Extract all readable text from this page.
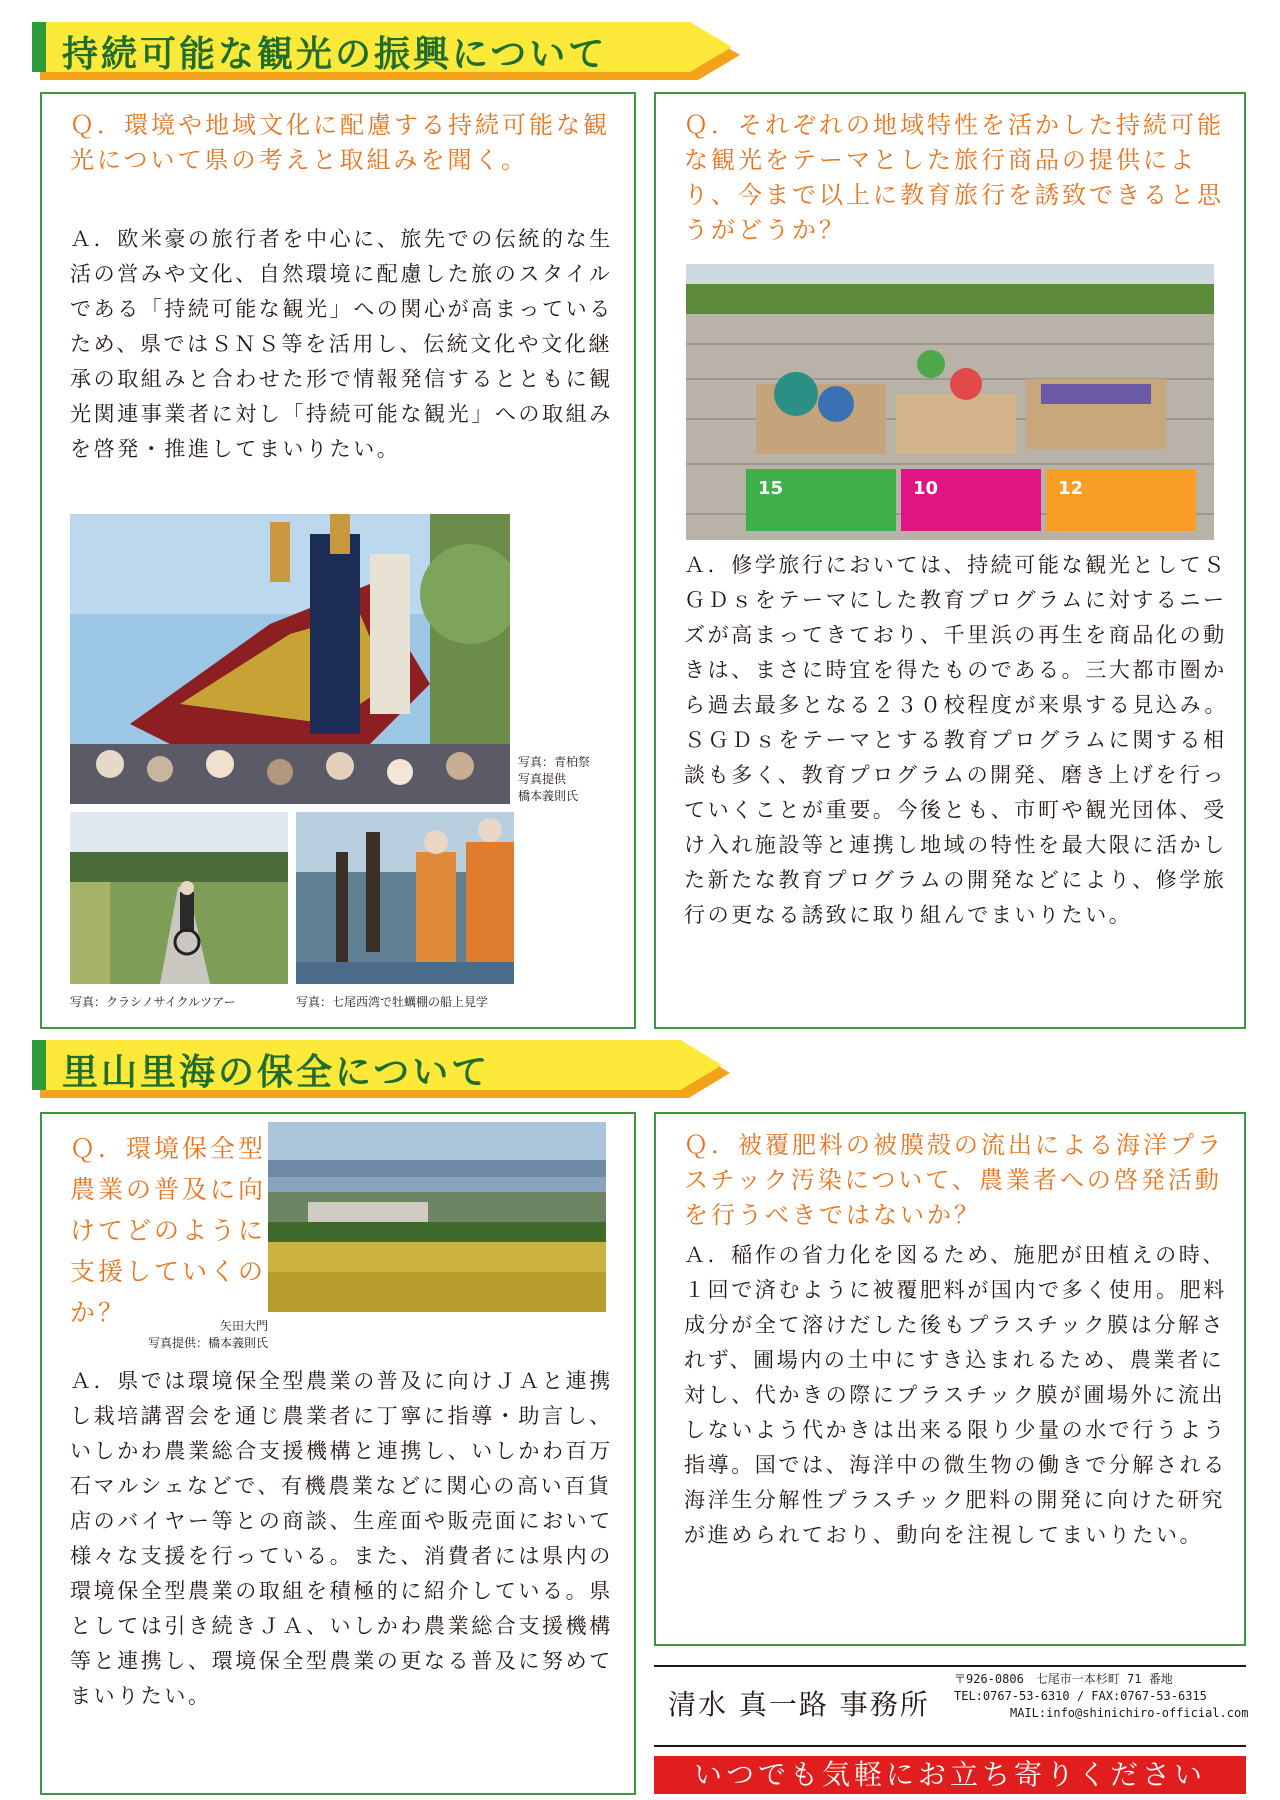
持続可能な観光の振興について
Ｑ．環境や地域文化に配慮する持続可能な観光について県の考えと取組みを聞く。
Ａ．欧米豪の旅行者を中心に、旅先での伝統的な生活の営みや文化、自然環境に配慮した旅のスタイルである「持続可能な観光」への関心が高まっているため、県ではＳＮＳ等を活用し、伝統文化や文化継承の取組みと合わせた形で情報発信するとともに観光関連事業者に対し「持続可能な観光」への取組みを啓発・推進してまいりたい。
写真：青柏祭
写真提供
橋本義則氏
写真：クラシノサイクルツアー	写真：七尾西湾で牡蠣棚の船上見学
Ｑ．それぞれの地域特性を活かした持続可能な観光をテーマとした旅行商品の提供により、今まで以上に教育旅行を誘致できると思うがどうか？
15	10	12
Ａ．修学旅行においては、持続可能な観光としてＳＧＤｓをテーマにした教育プログラムに対するニーズが高まってきており、千里浜の再生を商品化の動きは、まさに時宜を得たものである。三大都市圏から過去最多となる２３０校程度が来県する見込み。ＳＧＤｓをテーマとする教育プログラムに関する相談も多く、教育プログラムの開発、磨き上げを行っていくことが重要。今後とも、市町や観光団体、受け入れ施設等と連携し地域の特性を最大限に活かした新たな教育プログラムの開発などにより、修学旅行の更なる誘致に取り組んでまいりたい。
里山里海の保全について
Ｑ．環境保全型農業の普及に向けてどのように支援していくのか？	矢田大門
写真提供：橋本義則氏
Ａ．県では環境保全型農業の普及に向けＪＡと連携し栽培講習会を通じ農業者に丁寧に指導・助言し、いしかわ農業総合支援機構と連携し、いしかわ百万石マルシェなどで、有機農業などに関心の高い百貨店のバイヤー等との商談、生産面や販売面において様々な支援を行っている。また、消費者には県内の環境保全型農業の取組を積極的に紹介している。県としては引き続きＪＡ、いしかわ農業総合支援機構等と連携し、環境保全型農業の更なる普及に努めてまいりたい。
Ｑ．被覆肥料の被膜殻の流出による海洋プラスチック汚染について、農業者への啓発活動を行うべきではないか？
Ａ．稲作の省力化を図るため、施肥が田植えの時、１回で済むように被覆肥料が国内で多く使用。肥料成分が全て溶けだした後もプラスチック膜は分解されず、圃場内の土中にすき込まれるため、農業者に対し、代かきの際にプラスチック膜が圃場外に流出しないよう代かきは出来る限り少量の水で行うよう指導。国では、海洋中の微生物の働きで分解される海洋生分解性プラスチック肥料の開発に向けた研究が進められており、動向を注視してまいりたい。
清水 真一路 事務所
〒926-0806　七尾市一本杉町 71 番地
TEL:0767-53-6310 / FAX:0767-53-6315
MAIL:info@shinichiro-official.com
いつでも気軽にお立ち寄りください
